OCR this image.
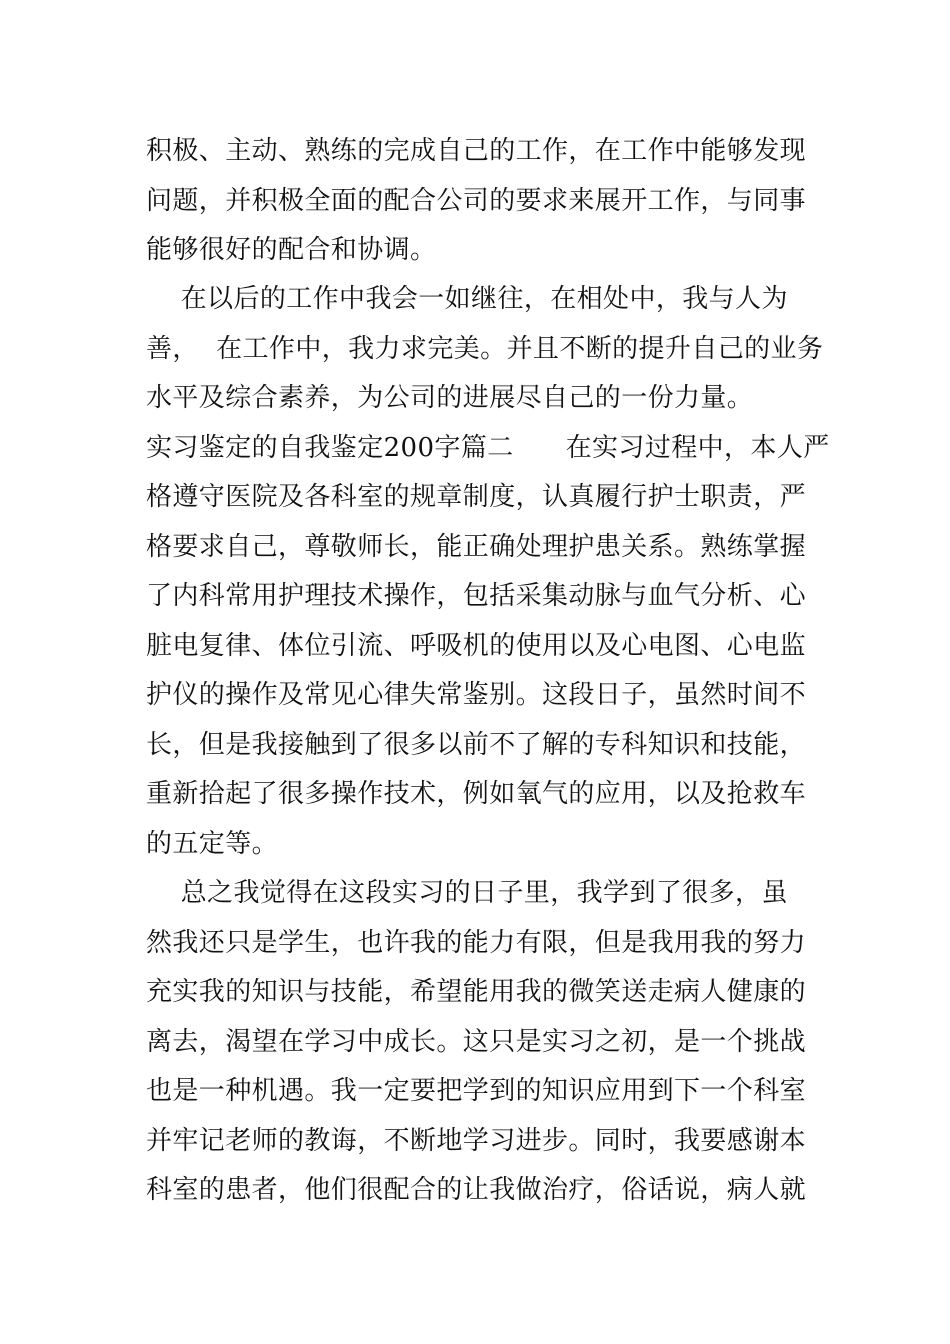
积极、主动、熟练的完成自己的工作，在工作中能够发现
问题，并积极全面的配合公司的要求来展开工作，与同事
能够很好的配合和协调。
在以后的工作中我会一如继往，在相处中，我与人为
善，  在工作中，我力求完美。并且不断的提升自己的业务
水平及综合素养，为公司的进展尽自己的一份力量。
实习鉴定的自我鉴定200字篇二      在实习过程中，本人严
格遵守医院及各科室的规章制度，认真履行护士职责，严
格要求自己，尊敬师长，能正确处理护患关系。熟练掌握
了内科常用护理技术操作，包括采集动脉与血气分析、心
脏电复律、体位引流、呼吸机的使用以及心电图、心电监
护仪的操作及常见心律失常鉴别。这段日子，虽然时间不
长，但是我接触到了很多以前不了解的专科知识和技能，
重新拾起了很多操作技术，例如氧气的应用，以及抢救车
的五定等。
总之我觉得在这段实习的日子里，我学到了很多，虽
然我还只是学生，也许我的能力有限，但是我用我的努力
充实我的知识与技能，希望能用我的微笑送走病人健康的
离去，渴望在学习中成长。这只是实习之初，是一个挑战
也是一种机遇。我一定要把学到的知识应用到下一个科室
并牢记老师的教诲，不断地学习进步。同时，我要感谢本
科室的患者，他们很配合的让我做治疗，俗话说，病人就
